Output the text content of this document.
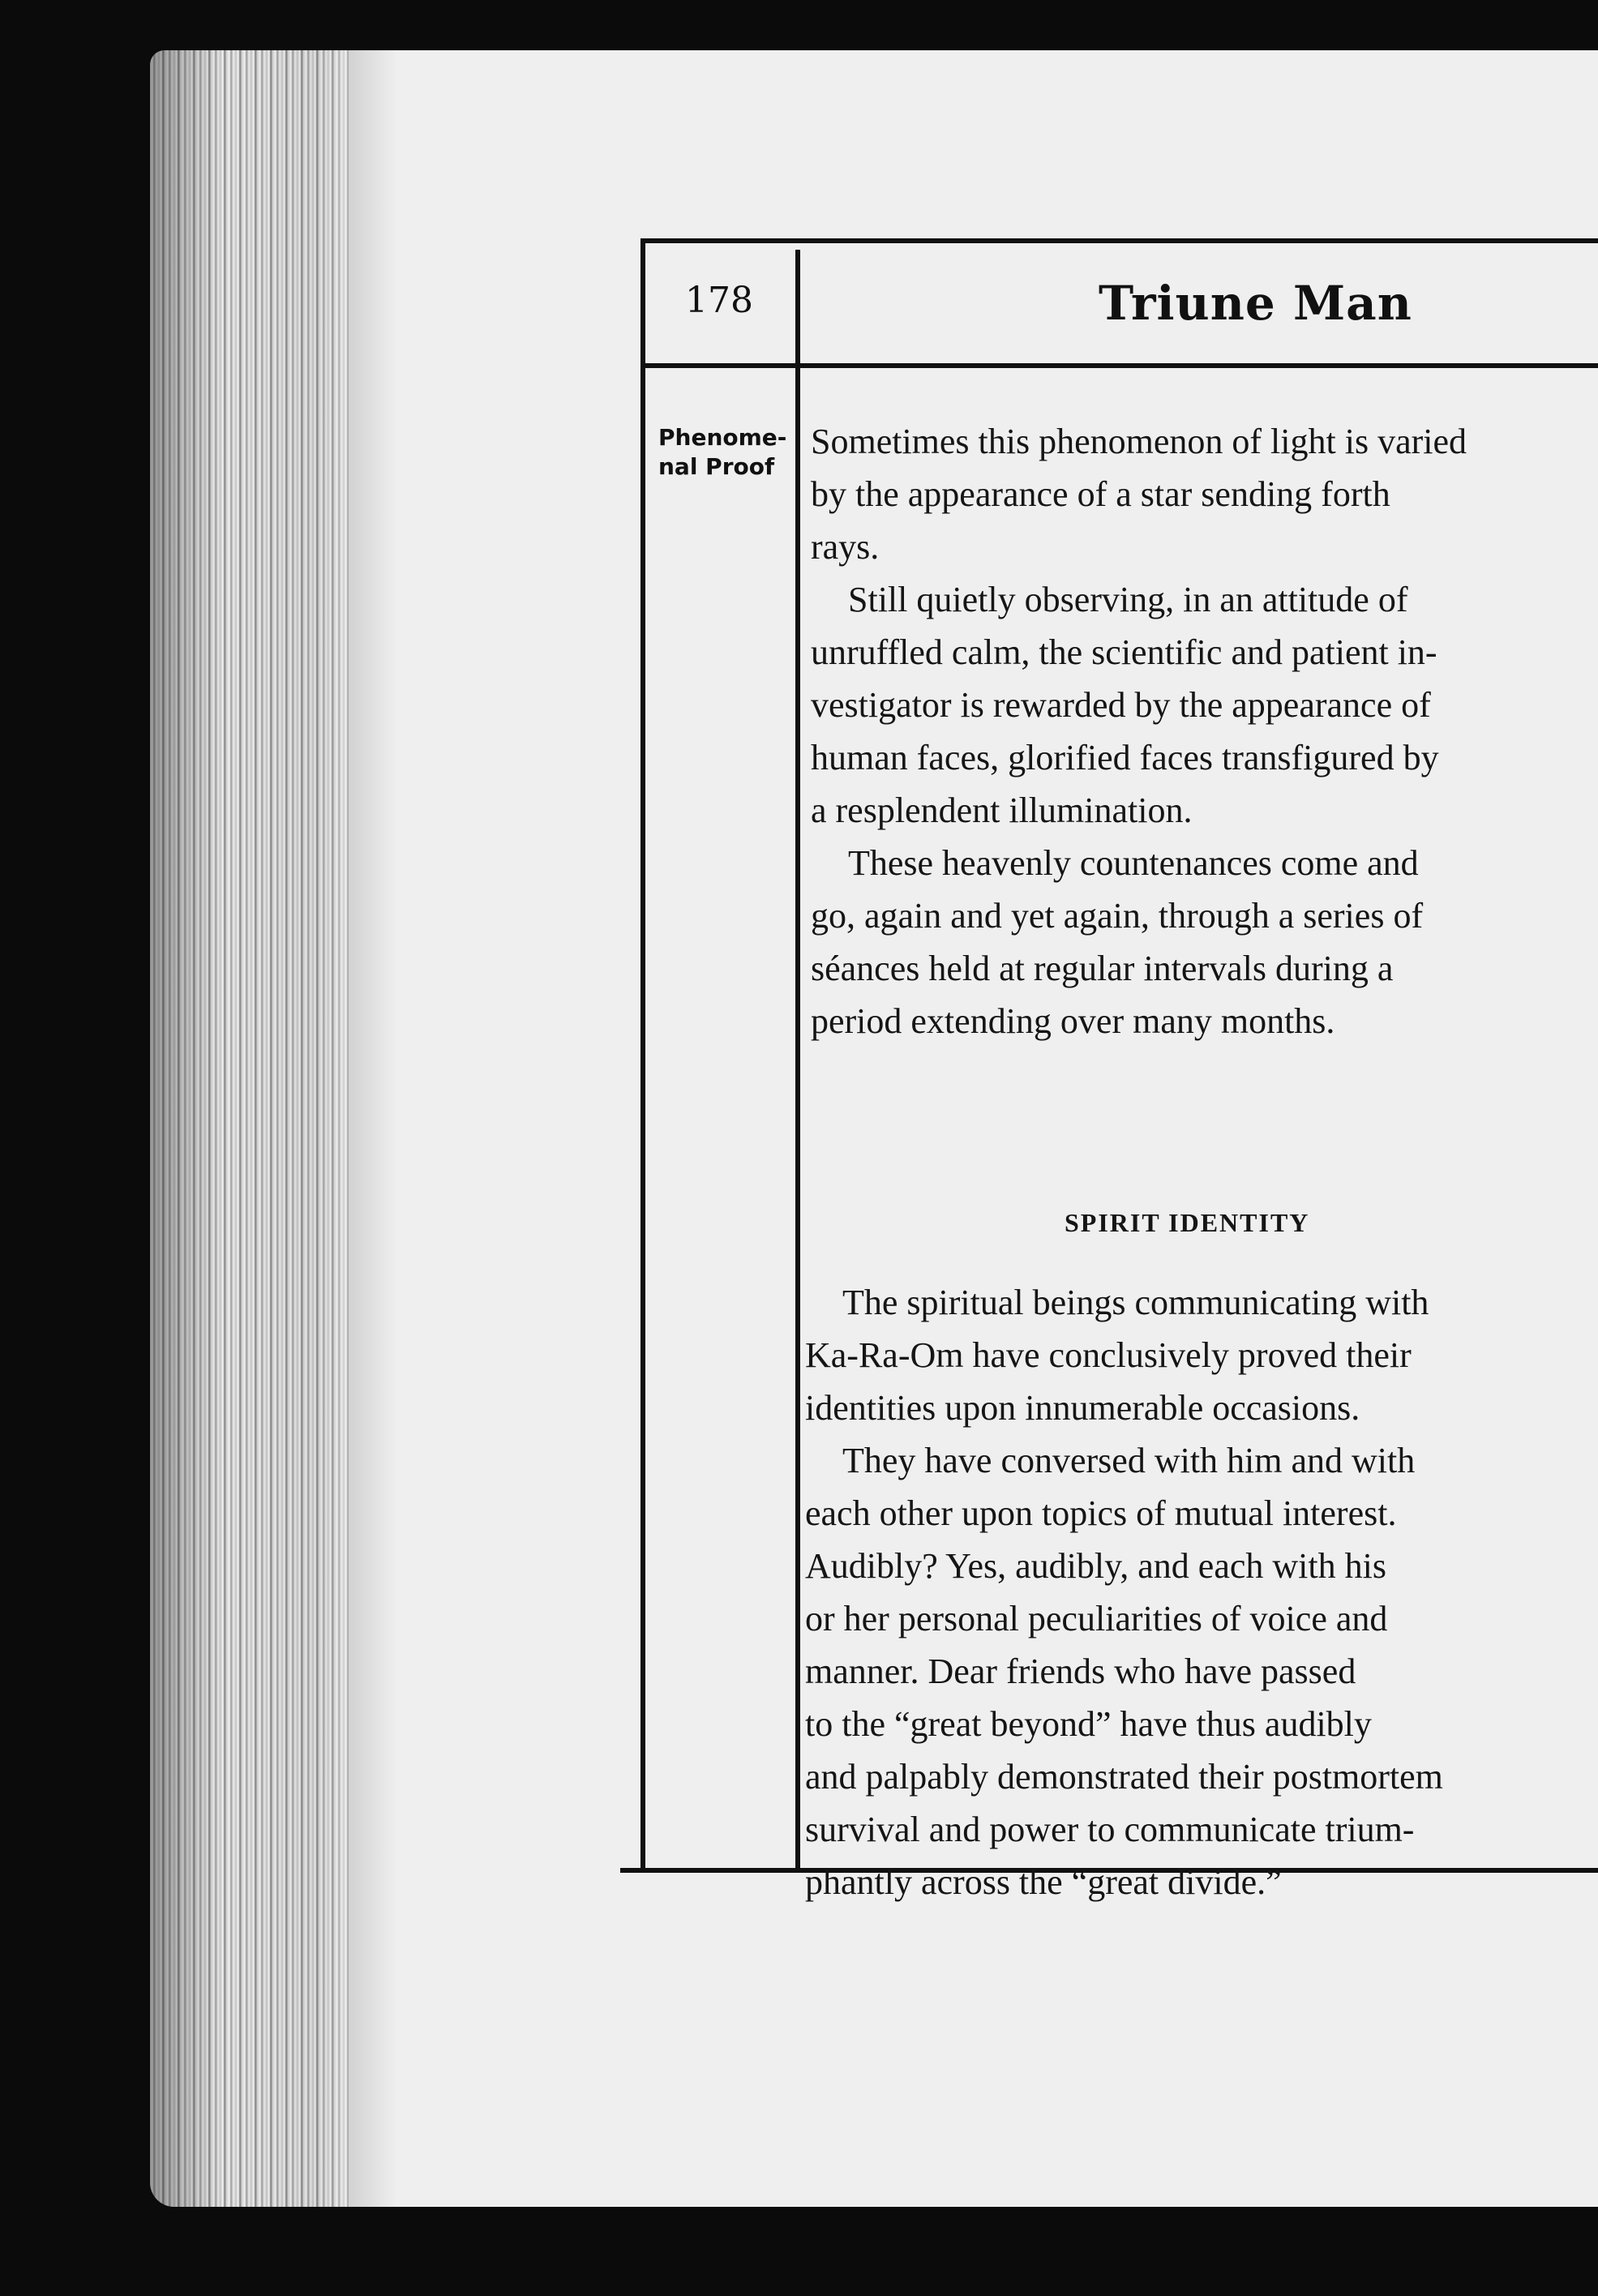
178	Triune Man
Phenome-
nal Proof
Sometimes this phenomenon of light is varied
by the appearance of a star sending forth
rays.
Still quietly observing, in an attitude of
unruffled calm, the scientific and patient in-
vestigator is rewarded by the appearance of
human faces, glorified faces transfigured by
a resplendent illumination.
These heavenly countenances come and
go, again and yet again, through a series of
séances held at regular intervals during a
period extending over many months.
SPIRIT IDENTITY
The spiritual beings communicating with
Ka-Ra-Om have conclusively proved their
identities upon innumerable occasions.
They have conversed with him and with
each other upon topics of mutual interest.
Audibly? Yes, audibly, and each with his
or her personal peculiarities of voice and
manner. Dear friends who have passed
to the “great beyond” have thus audibly
and palpably demonstrated their postmortem
survival and power to communicate trium-
phantly across the “great divide.”
